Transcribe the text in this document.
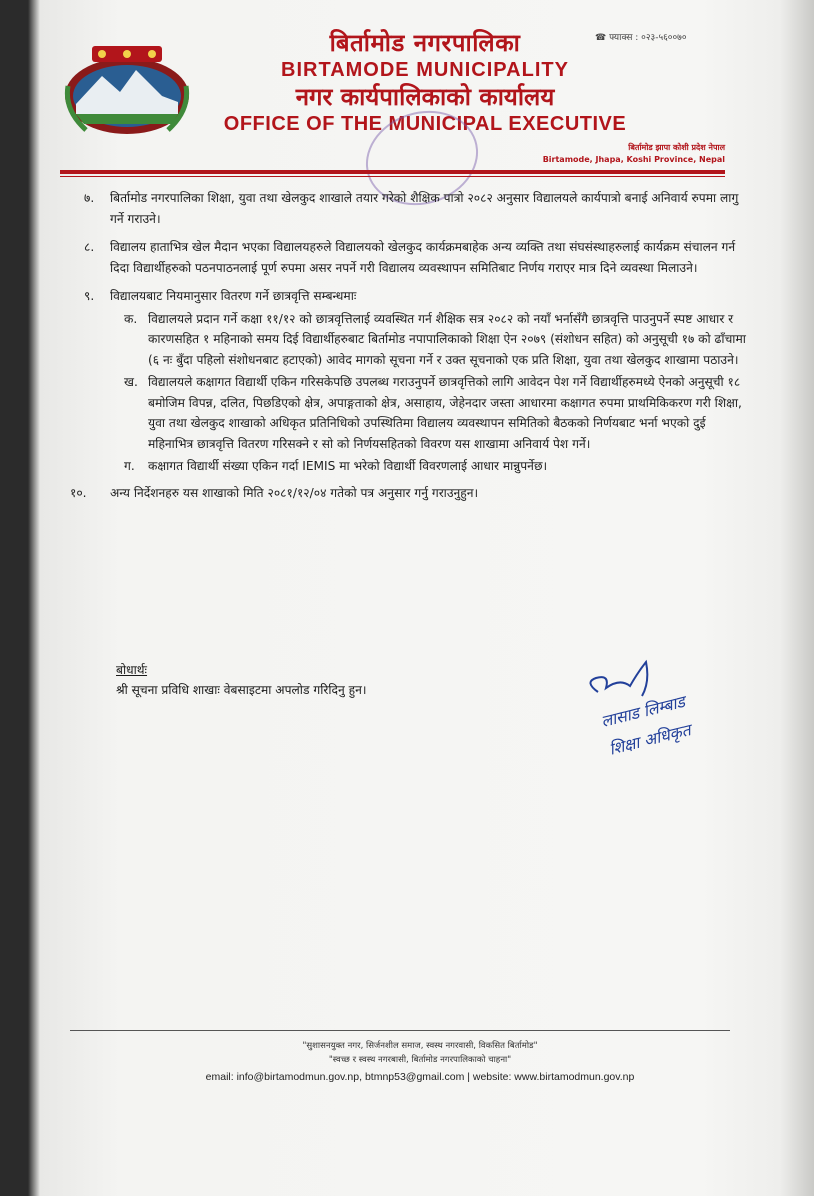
☎ फ्याक्स : ०२३-५६००७०
बिर्तामोड नगरपालिका
BIRTAMODE MUNICIPALITY
नगर कार्यपालिकाको कार्यालय
OFFICE OF THE MUNICIPAL EXECUTIVE
बिर्तामोड झापा कोशी प्रदेश नेपाल
Birtamode, Jhapa, Koshi Province, Nepal
७. बिर्तामोड नगरपालिका शिक्षा, युवा तथा खेलकुद शाखाले तयार गरेको शैक्षिक पात्रो २०८२ अनुसार विद्यालयले कार्यपात्रो बनाई अनिवार्य रुपमा लागु गर्ने गराउने।
८. विद्यालय हाताभित्र खेल मैदान भएका विद्यालयहरुले विद्यालयको खेलकुद कार्यक्रमबाहेक अन्य व्यक्ति तथा संघसंस्थाहरुलाई कार्यक्रम संचालन गर्न दिदा विद्यार्थीहरुको पठनपाठनलाई पूर्ण रुपमा असर नपर्ने गरी विद्यालय व्यवस्थापन समितिबाट निर्णय गराएर मात्र दिने व्यवस्था मिलाउने।
९. विद्यालयबाट नियमानुसार वितरण गर्ने छात्रवृत्ति सम्बन्धमाः
क. विद्यालयले प्रदान गर्ने कक्षा ११/१२ को छात्रवृत्तिलाई व्यवस्थित गर्न शैक्षिक सत्र २०८२ को नयाँ भर्नासँगै छात्रवृत्ति पाउनुपर्ने स्पष्ट आधार र कारणसहित १ महिनाको समय दिई विद्यार्थीहरुबाट बिर्तामोड नपापालिकाको शिक्षा ऐन २०७९ (संशोधन सहित) को अनुसूची १७ को ढाँचामा (६ नः बुँदा पहिलो संशोधनबाट हटाएको) आवेद मागको सूचना गर्ने र उक्त सूचनाको एक प्रति शिक्षा, युवा तथा खेलकुद शाखामा पठाउने।
ख. विद्यालयले कक्षागत विद्यार्थी एकिन गरिसकेपछि उपलब्ध गराउनुपर्ने छात्रवृत्तिको लागि आवेदन पेश गर्ने विद्यार्थीहरुमध्ये ऐनको अनुसूची १८ बमोजिम विपन्न, दलित, पिछडिएको क्षेत्र, अपाङ्गताको क्षेत्र, असाहाय, जेहेनदार जस्ता आधारमा कक्षागत रुपमा प्राथमिकिकरण गरी शिक्षा, युवा तथा खेलकुद शाखाको अधिकृत प्रतिनिधिको उपस्थितिमा विद्यालय व्यवस्थापन समितिको बैठकको निर्णयबाट भर्ना भएको दुई महिनाभित्र छात्रवृत्ति वितरण गरिसक्ने र सो को निर्णयसहितको विवरण यस शाखामा अनिवार्य पेश गर्ने।
ग. कक्षागत विद्यार्थी संख्या एकिन गर्दा IEMIS मा भरेको विद्यार्थी विवरणलाई आधार मान्नुपर्नेछ।
१०. अन्य निर्देशनहरु यस शाखाको मिति २०८१/१२/०४ गतेको पत्र अनुसार गर्नु गराउनुहुन।
बोधार्थः
श्री सूचना प्रविधि शाखाः वेबसाइटमा अपलोड गरिदिनु हुन।
लासाड लिम्बाड
शिक्षा अधिकृत
"सुशासनयुक्त नगर, सिर्जनशील समाज, स्वस्थ नगरवासी, विकसित बिर्तामोड"
"स्वच्छ र स्वस्थ नगरबासी, बिर्तामोड नगरपालिकाको चाहना"
email: info@birtamodmun.gov.np, btmnp53@gmail.com | website: www.birtamodmun.gov.np
